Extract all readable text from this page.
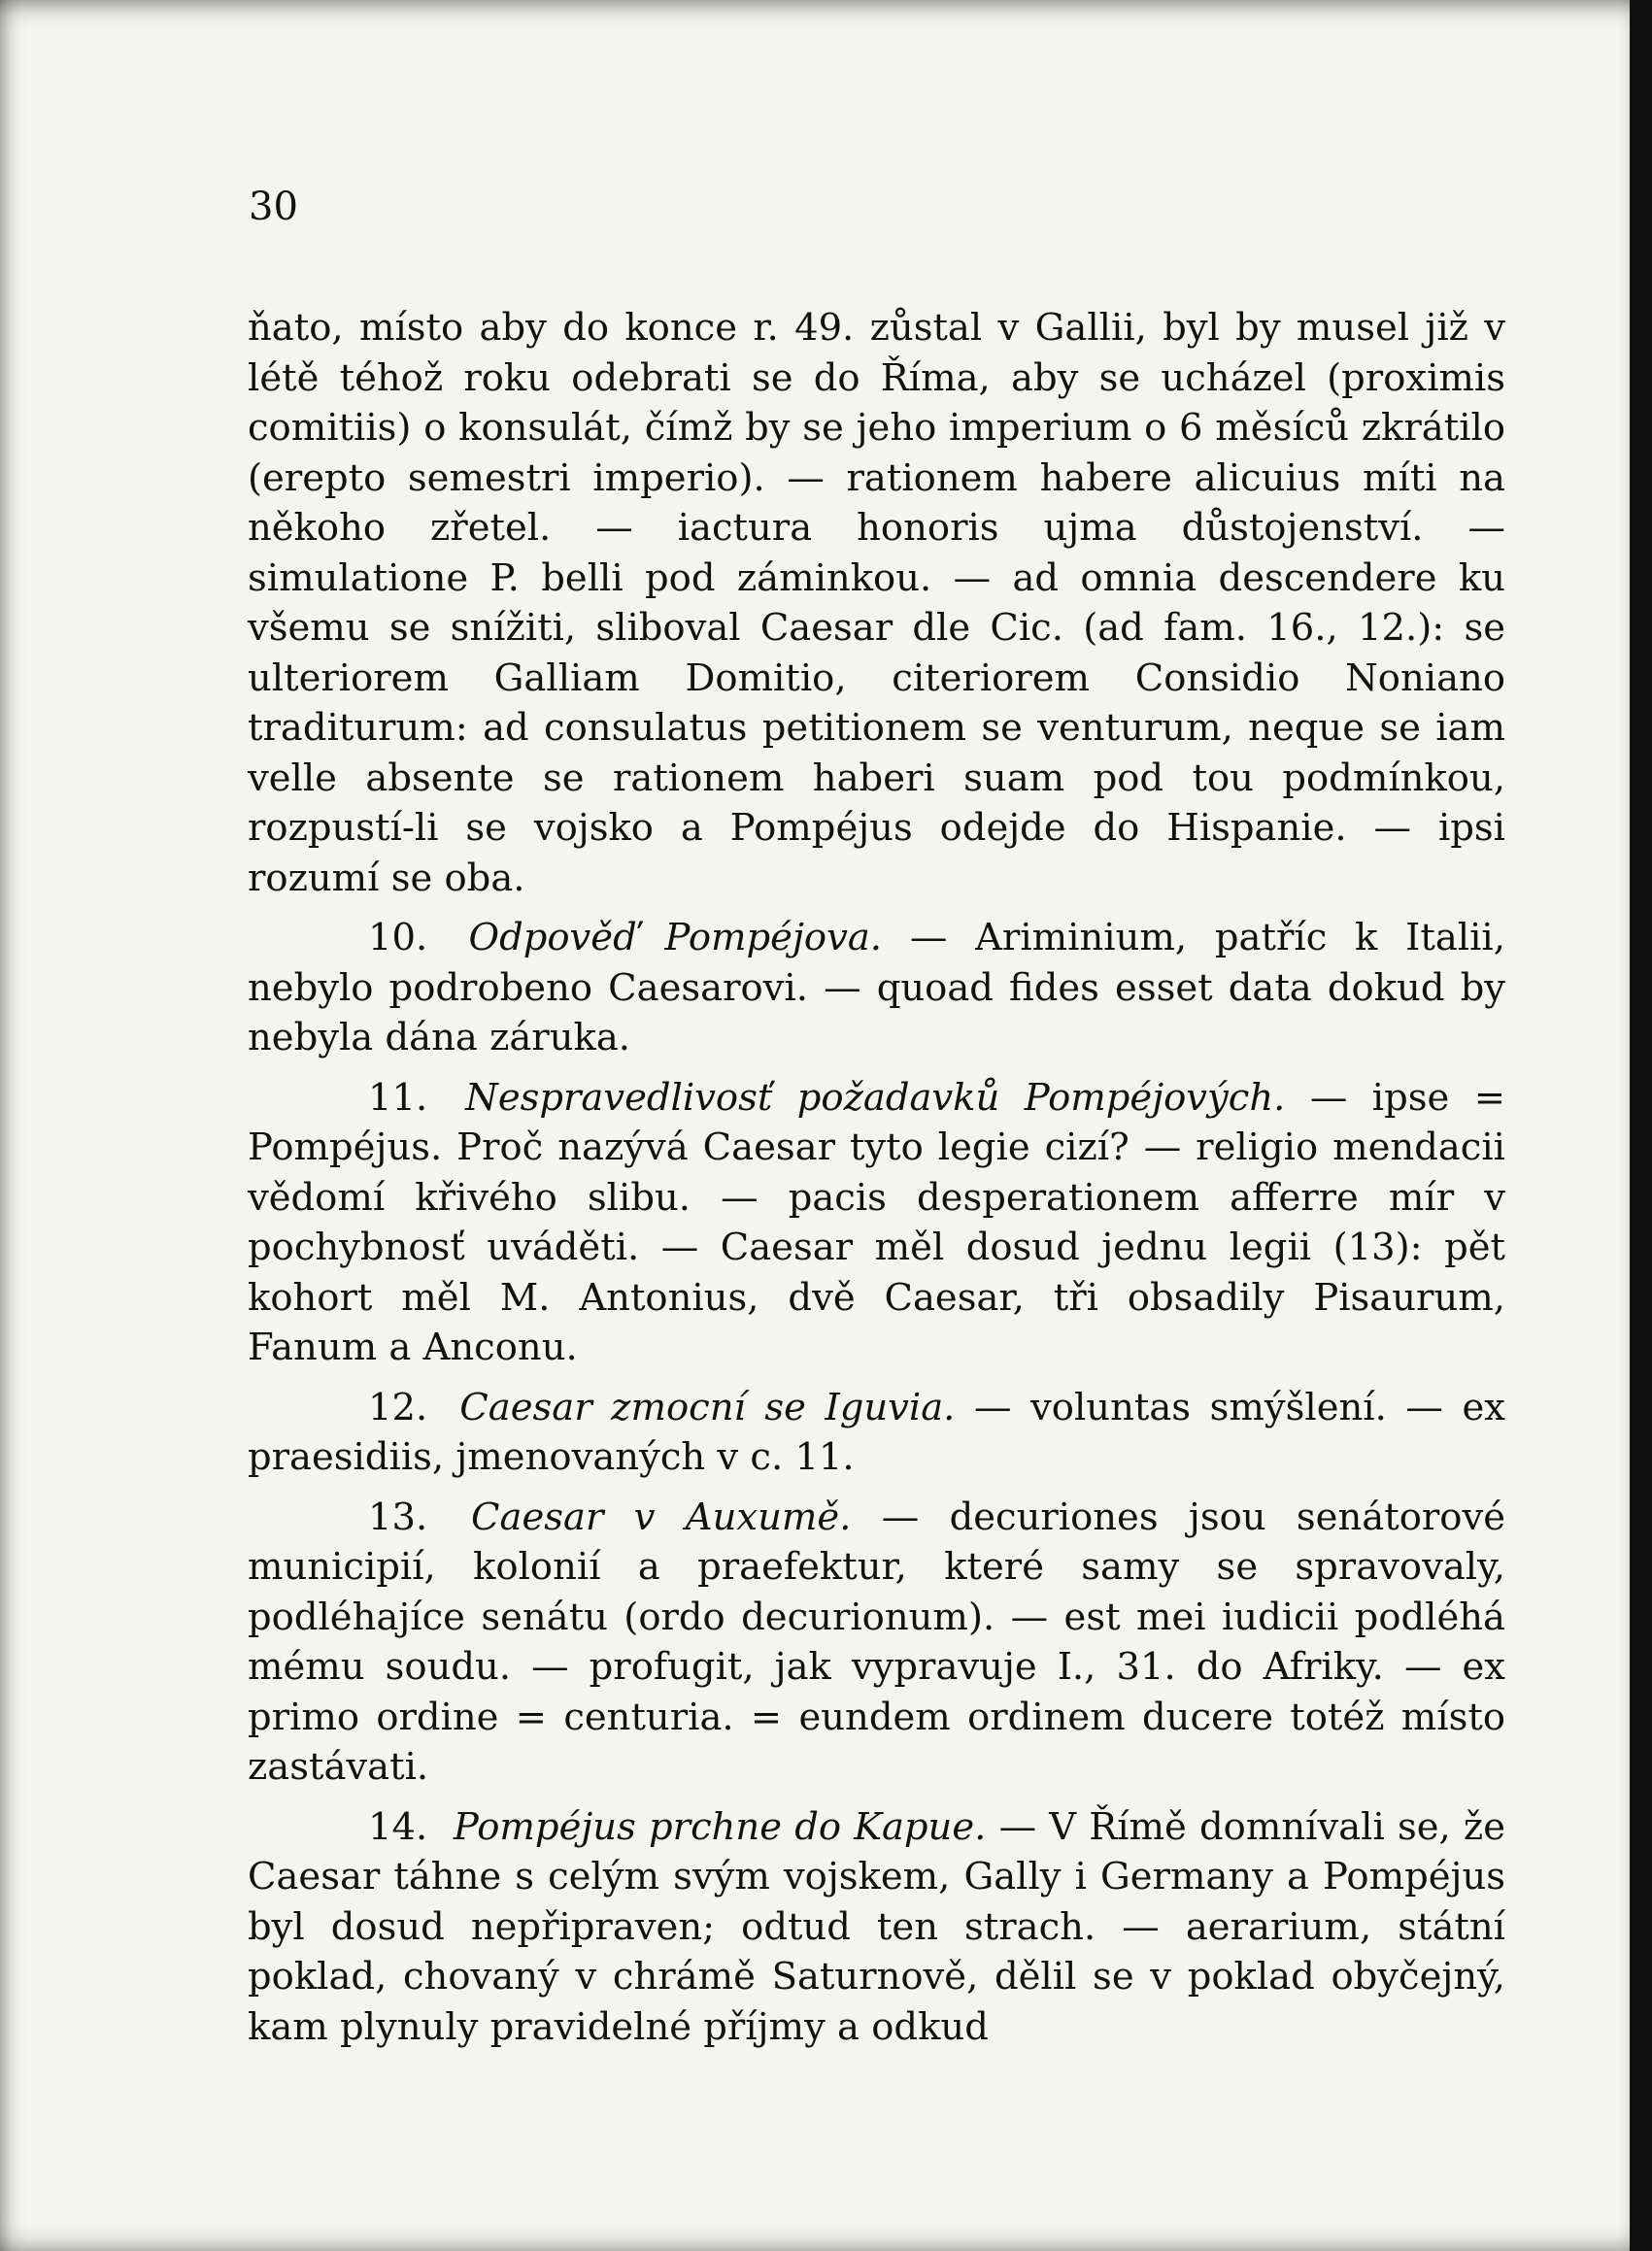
30

ňato, místo aby do konce r. 49. zůstal v Gallii, byl by musel již v létě téhož roku odebrati se do Říma, aby se ucházel (proximis comitiis) o konsulát, čímž by se jeho imperium o 6 měsíců zkrátilo (erepto semestri imperio). — rationem habere alicuius míti na někoho zřetel. — iactura honoris ujma důstojenství. — simulatione P. belli pod záminkou. — ad omnia descendere ku všemu se snížiti, sliboval Caesar dle Cic. (ad fam. 16., 12.): se ulteriorem Galliam Domitio, citeriorem Considio Noniano traditurum: ad consulatus petitionem se venturum, neque se iam velle absente se rationem haberi suam pod tou podmínkou, rozpustí-li se vojsko a Pompéjus odejde do Hispanie. — ipsi rozumí se oba.

10. Odpověď Pompéjova. — Ariminium, patříc k Italii, nebylo podrobeno Caesarovi. — quoad fides esset data dokud by nebyla dána záruka.

11. Nespravedlivosť požadavků Pompéjových. — ipse = Pompéjus. Proč nazývá Caesar tyto legie cizí? — religio mendacii vědomí křivého slibu. — pacis desperationem afferre mír v pochybnosť uváděti. — Caesar měl dosud jednu legii (13): pět kohort měl M. Antonius, dvě Caesar, tři obsadily Pisaurum, Fanum a Anconu.

12. Caesar zmocní se Iguvia. — voluntas smýšlení. — ex praesidiis, jmenovaných v c. 11.

13. Caesar v Auxumě. — decuriones jsou senátorové municipií, kolonií a praefektur, které samy se spravovaly, podléhajíce senátu (ordo decurionum). — est mei iudicii podléhá mému soudu. — profugit, jak vypravuje I., 31. do Afriky. — ex primo ordine = centuria. = eundem ordinem ducere totéž místo zastávati.

14. Pompéjus prchne do Kapue. — V Římě domnívali se, že Caesar táhne s celým svým vojskem, Gally i Germany a Pompéjus byl dosud nepřipraven; odtud ten strach. — aerarium, státní poklad, chovaný v chrámě Saturnově, dělil se v poklad obyčejný, kam plynuly pravidelné příjmy a odkud
